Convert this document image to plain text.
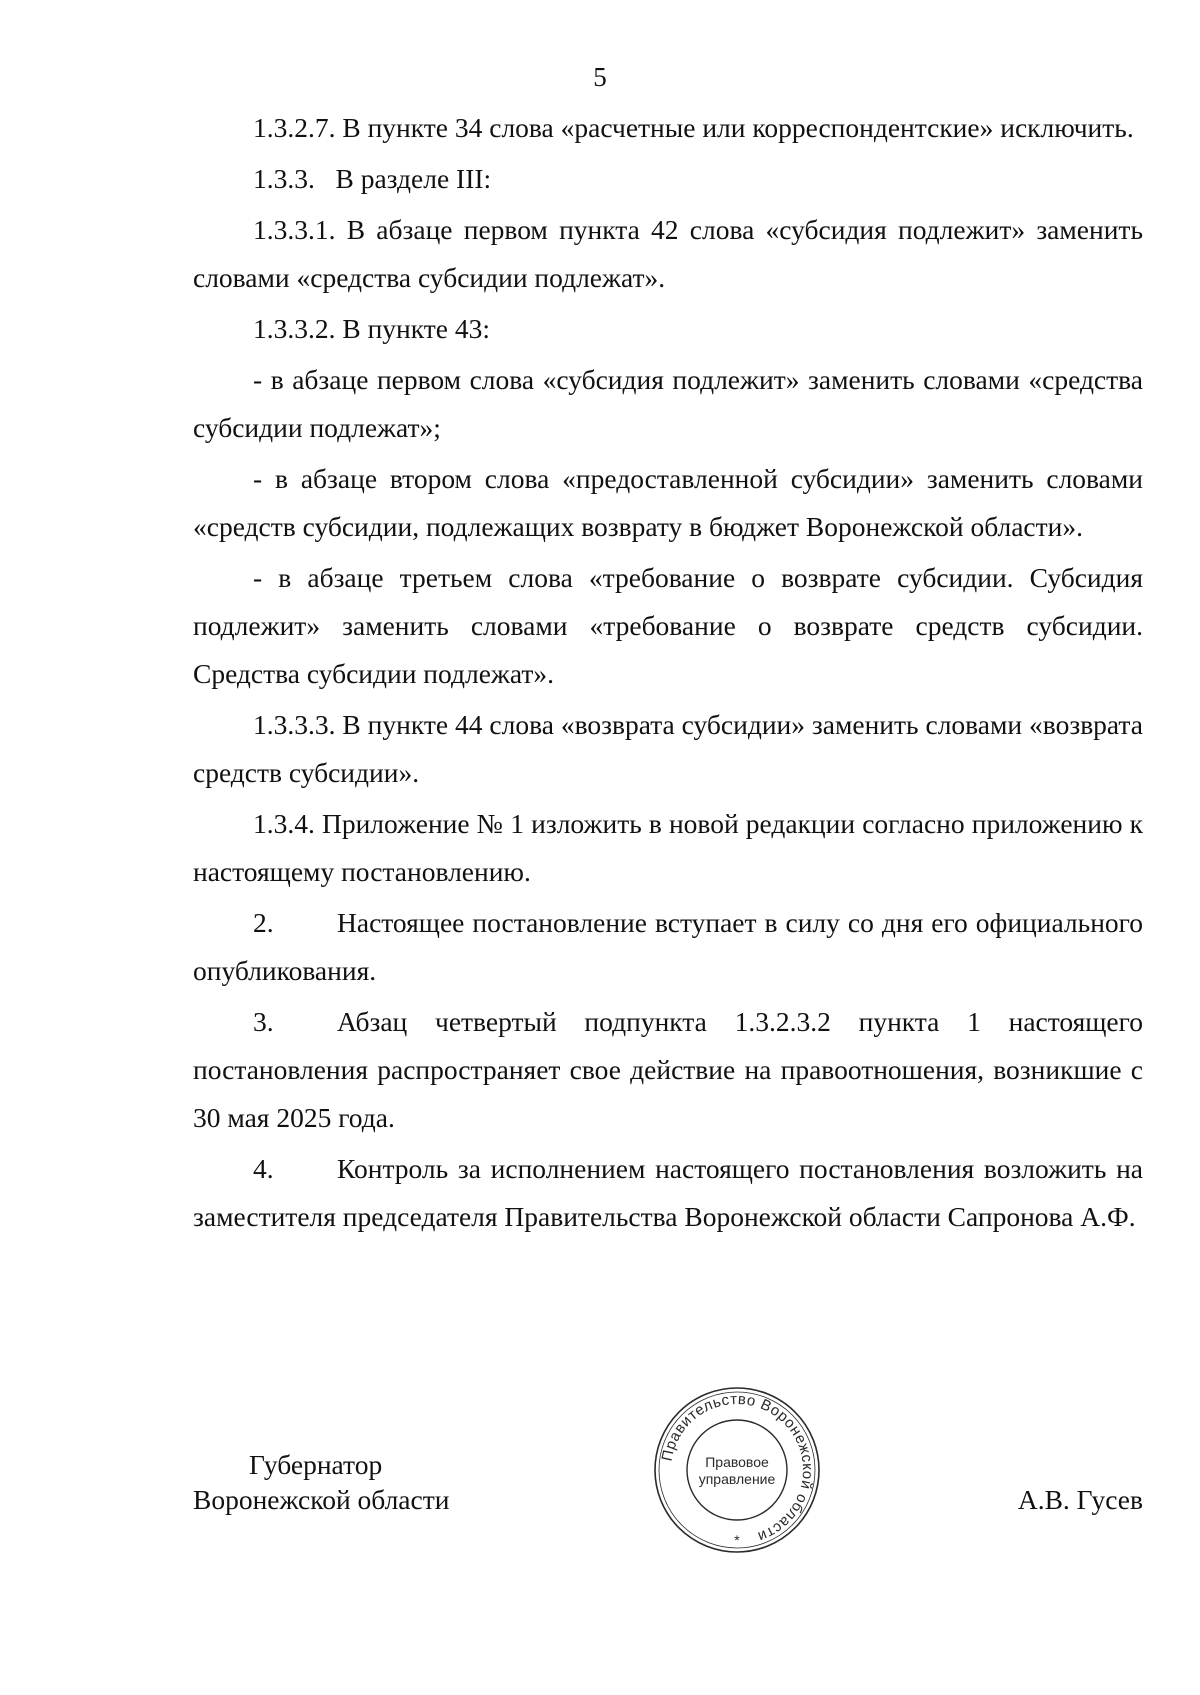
5

1.3.2.7. В пункте 34 слова «расчетные или корреспондентские» исключить.

1.3.3.   В разделе III:

1.3.3.1. В абзаце первом пункта 42 слова «субсидия подлежит» заменить словами «средства субсидии подлежат».

1.3.3.2. В пункте 43:

- в абзаце первом слова «субсидия подлежит» заменить словами «средства субсидии подлежат»;

- в абзаце втором слова «предоставленной субсидии» заменить словами «средств субсидии, подлежащих возврату в бюджет Воронежской области».

- в абзаце третьем слова «требование о возврате субсидии. Субсидия подлежит» заменить словами «требование о возврате средств субсидии. Средства субсидии подлежат».

1.3.3.3. В пункте 44 слова «возврата субсидии» заменить словами «возврата средств субсидии».

1.3.4. Приложение № 1 изложить в новой редакции согласно приложению к настоящему постановлению.

2. Настоящее постановление вступает в силу со дня его официального опубликования.

3. Абзац четвертый подпункта 1.3.2.3.2 пункта 1 настоящего постановления распространяет свое действие на правоотношения, возникшие с 30 мая 2025 года.

4. Контроль за исполнением настоящего постановления возложить на заместителя председателя Правительства Воронежской области Сапронова А.Ф.

Губернатор
Воронежской области	А.В. Гусев
Правительство Воронежской области
Правовое
управление
*
